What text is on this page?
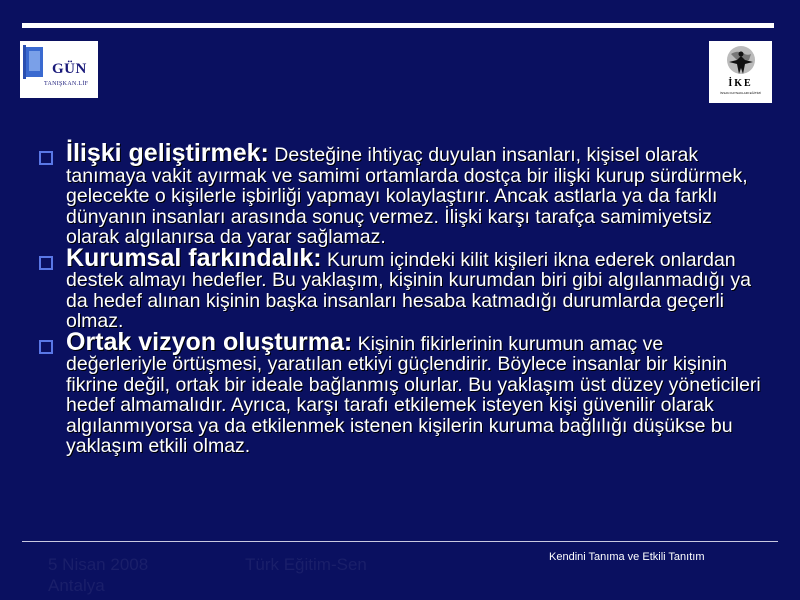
GÜN
TANIŞKAN.LİF	İKE
İNSAN KAYNAKLARI EĞİTİMİ
İlişki geliştirmek: Desteğine ihtiyaç duyulan insanları, kişisel olarak tanımaya vakit ayırmak ve samimi ortamlarda dostça bir ilişki kurup sürdürmek, gelecekte o kişilerle işbirliği yapmayı kolaylaştırır. Ancak astlarla ya da farklı dünyanın insanları arasında sonuç vermez. İlişki karşı tarafça samimiyetsiz olarak algılanırsa da yarar sağlamaz.
Kurumsal farkındalık: Kurum içindeki kilit kişileri ikna ederek onlardan destek almayı hedefler. Bu yaklaşım, kişinin kurumdan biri gibi algılanmadığı ya da hedef alınan kişinin başka insanları hesaba katmadığı durumlarda geçerli olmaz.
Ortak vizyon oluşturma: Kişinin fikirlerinin kurumun amaç ve değerleriyle örtüşmesi, yaratılan etkiyi güçlendirir. Böylece insanlar bir kişinin fikrine değil, ortak bir ideale bağlanmış olurlar. Bu yaklaşım üst düzey yöneticileri hedef almamalıdır. Ayrıca, karşı tarafı etkilemek isteyen kişi güvenilir olarak algılanmıyorsa ya da etkilenmek istenen kişilerin kuruma bağlılığı düşükse bu yaklaşım etkili olmaz.
5 Nisan 2008
Antalya
Türk Eğitim-Sen	Kendini Tanıma ve Etkili Tanıtım
